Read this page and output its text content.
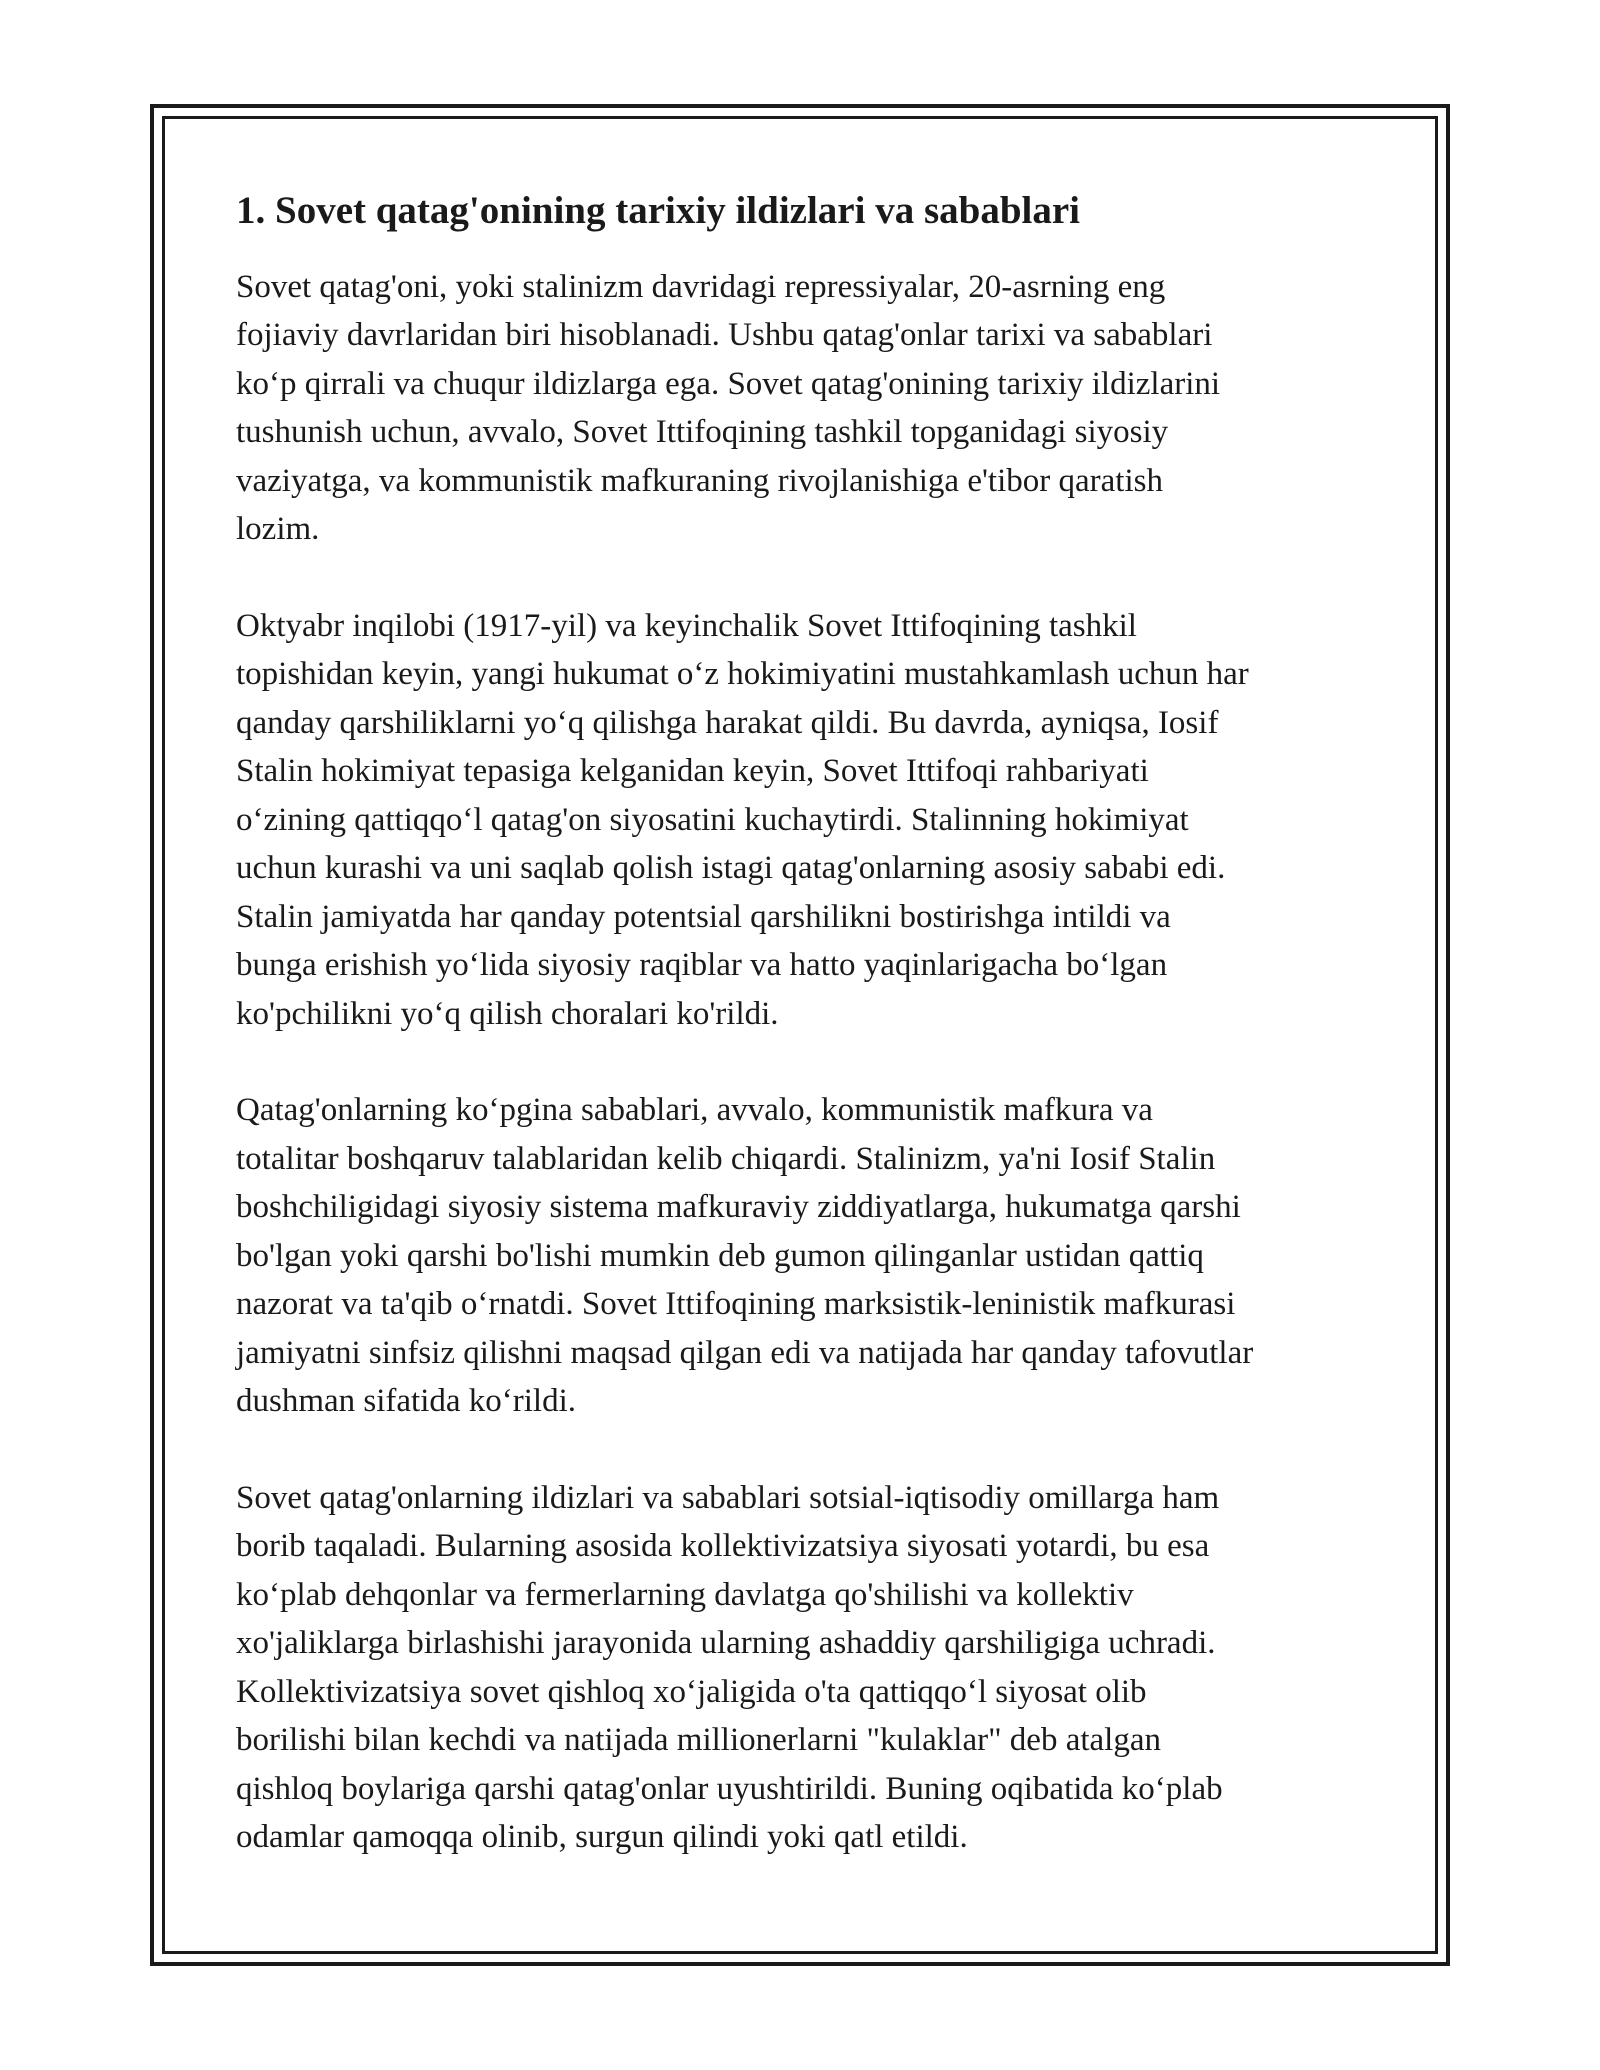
1. Sovet qatag'onining tarixiy ildizlari va sabablari

Sovet qatag'oni, yoki stalinizm davridagi repressiyalar, 20-asrning eng
fojiaviy davrlaridan biri hisoblanadi. Ushbu qatag'onlar tarixi va sabablari
ko‘p qirrali va chuqur ildizlarga ega. Sovet qatag'onining tarixiy ildizlarini
tushunish uchun, avvalo, Sovet Ittifoqining tashkil topganidagi siyosiy
vaziyatga, va kommunistik mafkuraning rivojlanishiga e'tibor qaratish
lozim.

Oktyabr inqilobi (1917-yil) va keyinchalik Sovet Ittifoqining tashkil
topishidan keyin, yangi hukumat o‘z hokimiyatini mustahkamlash uchun har
qanday qarshiliklarni yo‘q qilishga harakat qildi. Bu davrda, ayniqsa, Iosif
Stalin hokimiyat tepasiga kelganidan keyin, Sovet Ittifoqi rahbariyati
o‘zining qattiqqo‘l qatag'on siyosatini kuchaytirdi. Stalinning hokimiyat
uchun kurashi va uni saqlab qolish istagi qatag'onlarning asosiy sababi edi.
Stalin jamiyatda har qanday potentsial qarshilikni bostirishga intildi va
bunga erishish yo‘lida siyosiy raqiblar va hatto yaqinlarigacha bo‘lgan
ko'pchilikni yo‘q qilish choralari ko'rildi.

Qatag'onlarning ko‘pgina sabablari, avvalo, kommunistik mafkura va
totalitar boshqaruv talablaridan kelib chiqardi. Stalinizm, ya'ni Iosif Stalin
boshchiligidagi siyosiy sistema mafkuraviy ziddiyatlarga, hukumatga qarshi
bo'lgan yoki qarshi bo'lishi mumkin deb gumon qilinganlar ustidan qattiq
nazorat va ta'qib o‘rnatdi. Sovet Ittifoqining marksistik-leninistik mafkurasi
jamiyatni sinfsiz qilishni maqsad qilgan edi va natijada har qanday tafovutlar
dushman sifatida ko‘rildi.

Sovet qatag'onlarning ildizlari va sabablari sotsial-iqtisodiy omillarga ham
borib taqaladi. Bularning asosida kollektivizatsiya siyosati yotardi, bu esa
ko‘plab dehqonlar va fermerlarning davlatga qo'shilishi va kollektiv
xo'jaliklarga birlashishi jarayonida ularning ashaddiy qarshiligiga uchradi.
Kollektivizatsiya sovet qishloq xo‘jaligida o'ta qattiqqo‘l siyosat olib
borilishi bilan kechdi va natijada millionerlarni "kulaklar" deb atalgan
qishloq boylariga qarshi qatag'onlar uyushtirildi. Buning oqibatida ko‘plab
odamlar qamoqqa olinib, surgun qilindi yoki qatl etildi.
